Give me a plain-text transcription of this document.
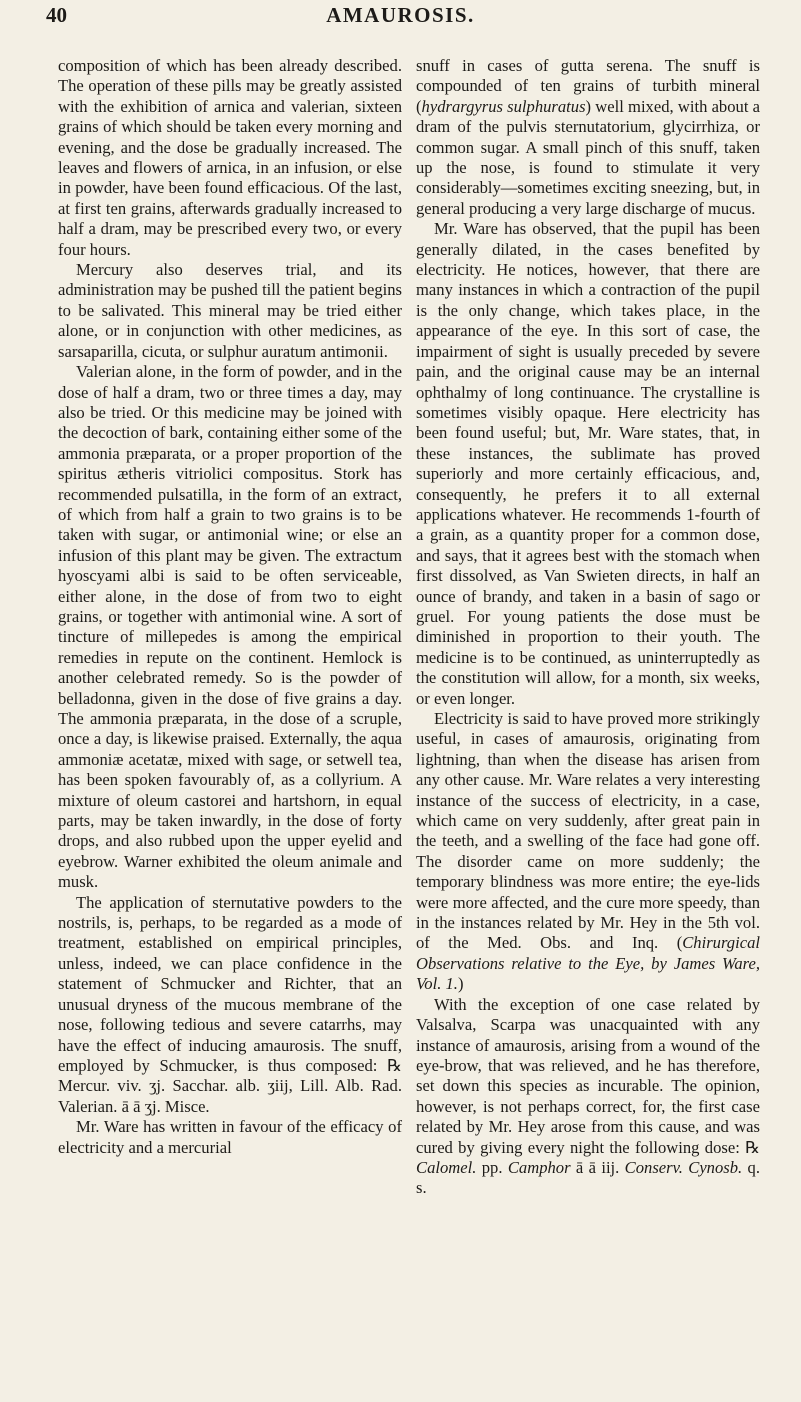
40	AMAUROSIS.

composition of which has been already described. The operation of these pills may be greatly assisted with the exhibition of arnica and valerian, sixteen grains of which should be taken every morning and evening, and the dose be gradually increased. The leaves and flowers of arnica, in an infusion, or else in powder, have been found efficacious. Of the last, at first ten grains, afterwards gradually increased to half a dram, may be prescribed every two, or every four hours.

Mercury also deserves trial, and its administration may be pushed till the patient begins to be salivated. This mineral may be tried either alone, or in conjunction with other medicines, as sarsaparilla, cicuta, or sulphur auratum antimonii.

Valerian alone, in the form of powder, and in the dose of half a dram, two or three times a day, may also be tried. Or this medicine may be joined with the decoction of bark, containing either some of the ammonia præparata, or a proper proportion of the spiritus ætheris vitriolici compositus. Stork has recommended pulsatilla, in the form of an extract, of which from half a grain to two grains is to be taken with sugar, or antimonial wine; or else an infusion of this plant may be given. The extractum hyoscyami albi is said to be often serviceable, either alone, in the dose of from two to eight grains, or together with antimonial wine. A sort of tincture of millepedes is among the empirical remedies in repute on the continent. Hemlock is another celebrated remedy. So is the powder of belladonna, given in the dose of five grains a day. The ammonia præparata, in the dose of a scruple, once a day, is likewise praised. Externally, the aqua ammoniæ acetatæ, mixed with sage, or setwell tea, has been spoken favourably of, as a collyrium. A mixture of oleum castorei and hartshorn, in equal parts, may be taken inwardly, in the dose of forty drops, and also rubbed upon the upper eyelid and eyebrow. Warner exhibited the oleum animale and musk.

The application of sternutative powders to the nostrils, is, perhaps, to be regarded as a mode of treatment, established on empirical principles, unless, indeed, we can place confidence in the statement of Schmucker and Richter, that an unusual dryness of the mucous membrane of the nose, following tedious and severe catarrhs, may have the effect of inducing amaurosis. The snuff, employed by Schmucker, is thus composed: ℞ Mercur. viv. ʒj. Sacchar. alb. ʒiij, Lill. Alb. Rad. Valerian. ā ā ʒj. Misce.

Mr. Ware has written in favour of the efficacy of electricity and a mercurial

snuff in cases of gutta serena. The snuff is compounded of ten grains of turbith mineral (hydrargyrus sulphuratus) well mixed, with about a dram of the pulvis sternutatorium, glycirrhiza, or common sugar. A small pinch of this snuff, taken up the nose, is found to stimulate it very considerably—sometimes exciting sneezing, but, in general producing a very large discharge of mucus.

Mr. Ware has observed, that the pupil has been generally dilated, in the cases benefited by electricity. He notices, however, that there are many instances in which a contraction of the pupil is the only change, which takes place, in the appearance of the eye. In this sort of case, the impairment of sight is usually preceded by severe pain, and the original cause may be an internal ophthalmy of long continuance. The crystalline is sometimes visibly opaque. Here electricity has been found useful; but, Mr. Ware states, that, in these instances, the sublimate has proved superiorly and more certainly efficacious, and, consequently, he prefers it to all external applications whatever. He recommends 1-fourth of a grain, as a quantity proper for a common dose, and says, that it agrees best with the stomach when first dissolved, as Van Swieten directs, in half an ounce of brandy, and taken in a basin of sago or gruel. For young patients the dose must be diminished in proportion to their youth. The medicine is to be continued, as uninterruptedly as the constitution will allow, for a month, six weeks, or even longer.

Electricity is said to have proved more strikingly useful, in cases of amaurosis, originating from lightning, than when the disease has arisen from any other cause. Mr. Ware relates a very interesting instance of the success of electricity, in a case, which came on very suddenly, after great pain in the teeth, and a swelling of the face had gone off. The disorder came on more suddenly; the temporary blindness was more entire; the eye-lids were more affected, and the cure more speedy, than in the instances related by Mr. Hey in the 5th vol. of the Med. Obs. and Inq. (Chirurgical Observations relative to the Eye, by James Ware, Vol. 1.)

With the exception of one case related by Valsalva, Scarpa was unacquainted with any instance of amaurosis, arising from a wound of the eye-brow, that was relieved, and he has therefore, set down this species as incurable. The opinion, however, is not perhaps correct, for, the first case related by Mr. Hey arose from this cause, and was cured by giving every night the following dose: ℞ Calomel. pp. Camphor ā ā iij. Conserv. Cynosb. q. s.
